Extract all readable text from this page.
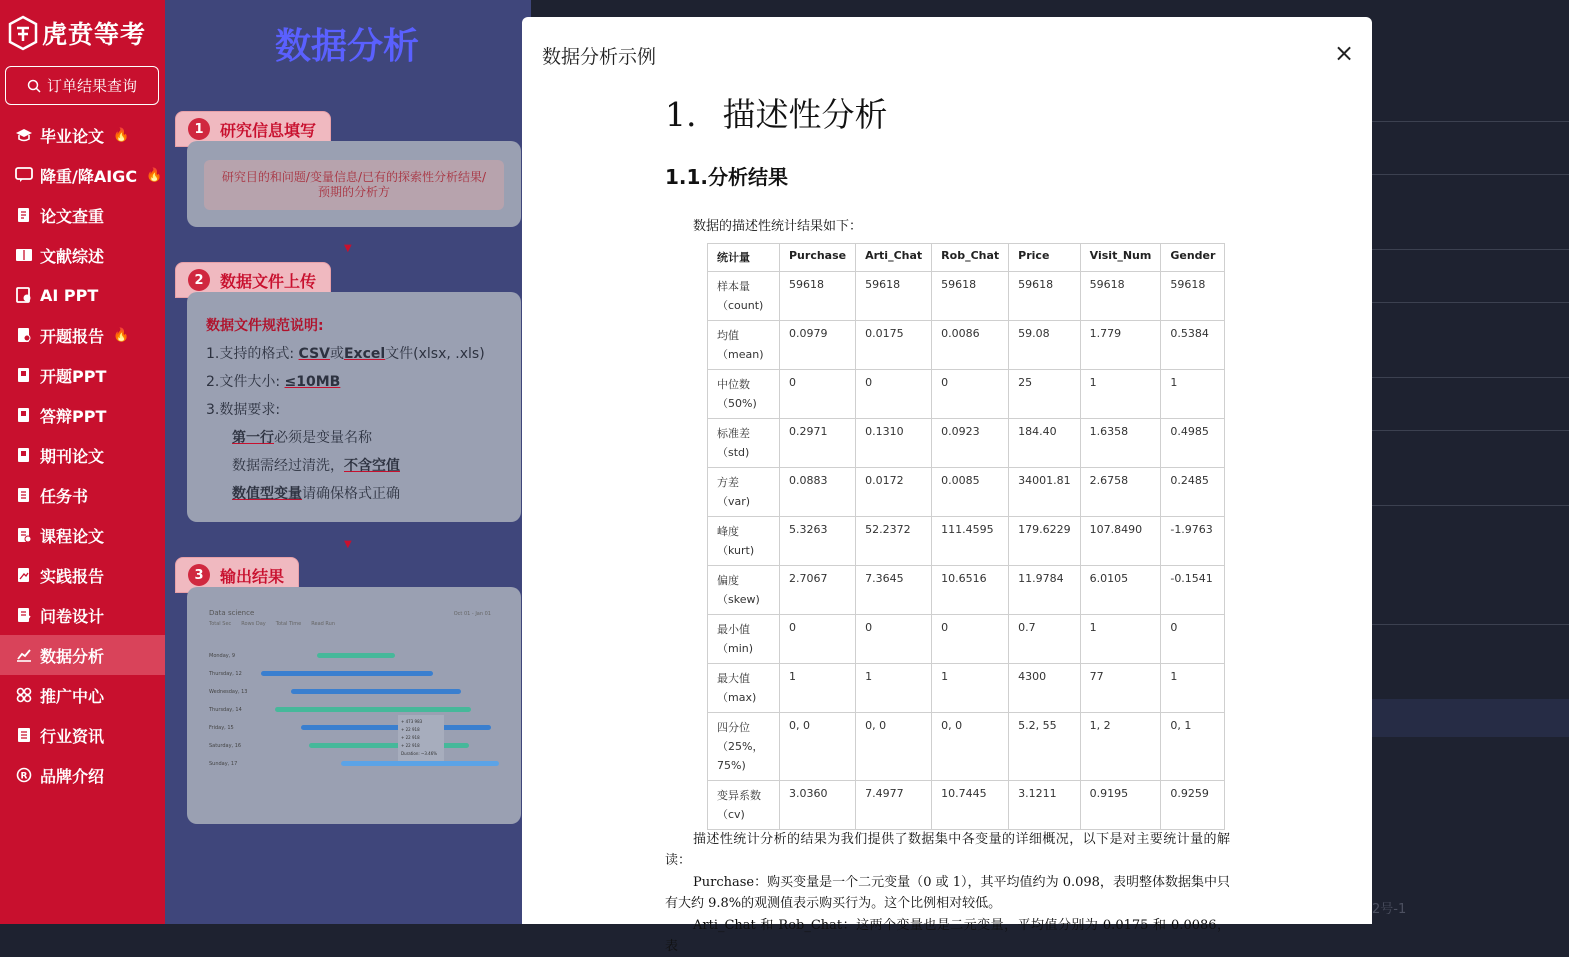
虎贲等考
订单结果查询
毕业论文 🔥
降重/降AIGC 🔥
论文查重
文献综述
AI PPT
开题报告 🔥
开题PPT
答辩PPT
期刊论文
任务书
课程论文
实践报告
问卷设计
数据分析
推广中心
行业资讯
R 品牌介绍
数据分析
1	研究信息填写
研究目的和问题/变量信息/已有的探索性分析结果/预期的分析方
▼
2	数据文件上传
数据文件规范说明:
1.支持的格式: CSV或Excel文件(xlsx, .xls)
2.文件大小: ≤10MB
3.数据要求:
第一行必须是变量名称
数据需经过清洗，不含空值
数值型变量请确保格式正确
▼
3	输出结果
Data science	Oct 01 - Jan 01
Total Sec Rows Day Total Time Read Run
Monday, 9
Thursday, 12
Wednesday, 13
Thursday, 14
Friday, 15
Saturday, 16
Sunday, 17
+ 473 983
+ 22 918
+ 22 918
+ 22 918
Duration: ~3.46%
2号-1
数据分析示例	×
1. 描述性分析
1.1.分析结果
数据的描述性统计结果如下：
统计量	Purchase	Arti_Chat	Rob_Chat	Price	Visit_Num	Gender

样本量
（count)	59618	59618	59618	59618	59618	59618

均值
（mean)	0.0979	0.0175	0.0086	59.08	1.779	0.5384

中位数
（50%)	0	0	0	25	1	1

标准差
（std)	0.2971	0.1310	0.0923	184.40	1.6358	0.4985

方差
（var)	0.0883	0.0172	0.0085	34001.81	2.6758	0.2485

峰度
（kurt)	5.3263	52.2372	111.4595	179.6229	107.8490	-1.9763

偏度
（skew)	2.7067	7.3645	10.6516	11.9784	6.0105	-0.1541

最小值
（min)	0	0	0	0.7	1	0

最大值
（max)	1	1	1	4300	77	1

四分位
（25%，75%)	0, 0	0, 0	0, 0	5.2, 55	1, 2	0, 1

变异系数
（cv)	3.0360	7.4977	10.7445	3.1211	0.9195	0.9259
描述性统计分析的结果为我们提供了数据集中各变量的详细概况，以下是对主要统计量的解读：
Purchase：购买变量是一个二元变量（0 或 1），其平均值约为 0.098，表明整体数据集中只有大约 9.8%的观测值表示购买行为。这个比例相对较低。
Arti_Chat 和 Rob_Chat：这两个变量也是二元变量，平均值分别为 0.0175 和 0.0086，表
